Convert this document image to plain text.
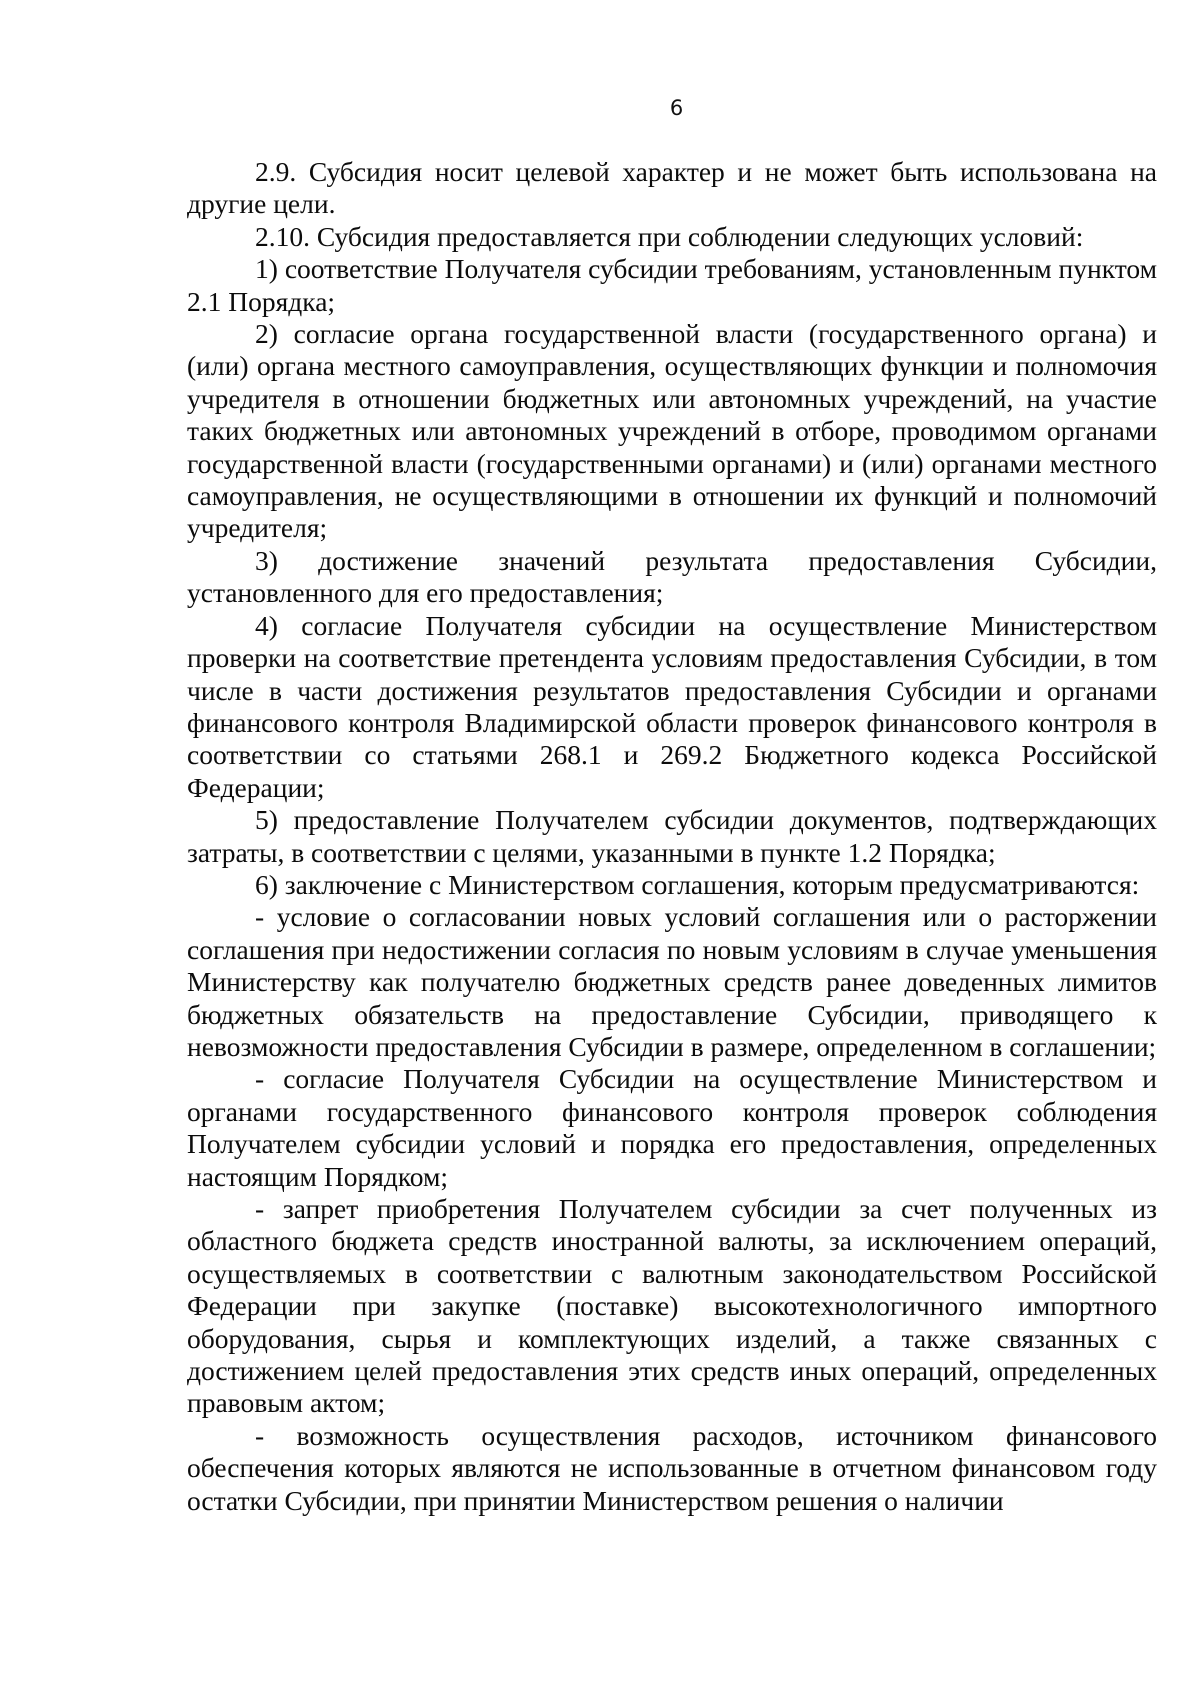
6

2.9. Субсидия носит целевой характер и не может быть использована на другие цели.

2.10. Субсидия предоставляется при соблюдении следующих условий:

1) соответствие Получателя субсидии требованиям, установленным пунктом 2.1 Порядка;

2) согласие органа государственной власти (государственного органа) и (или) органа местного самоуправления, осуществляющих функции и полномочия учредителя в отношении бюджетных или автономных учреждений, на участие таких бюджетных или автономных учреждений в отборе, проводимом органами государственной власти (государственными органами) и (или) органами местного самоуправления, не осуществляющими в отношении их функций и полномочий учредителя;

3) достижение значений результата предоставления Субсидии, установленного для его предоставления;

4) согласие Получателя субсидии на осуществление Министерством проверки на соответствие претендента условиям предоставления Субсидии, в том числе в части достижения результатов предоставления Субсидии и органами финансового контроля Владимирской области проверок финансового контроля в соответствии со статьями 268.1 и 269.2 Бюджетного кодекса Российской Федерации;

5) предоставление Получателем субсидии документов, подтверждающих затраты, в соответствии с целями, указанными в пункте 1.2 Порядка;

6) заключение с Министерством соглашения, которым предусматриваются:

- условие о согласовании новых условий соглашения или о расторжении соглашения при недостижении согласия по новым условиям в случае уменьшения Министерству как получателю бюджетных средств ранее доведенных лимитов бюджетных обязательств на предоставление Субсидии, приводящего к невозможности предоставления Субсидии в размере, определенном в соглашении;

- согласие Получателя Субсидии на осуществление Министерством и органами государственного финансового контроля проверок соблюдения Получателем субсидии условий и порядка его предоставления, определенных настоящим Порядком;

- запрет приобретения Получателем субсидии за счет полученных из областного бюджета средств иностранной валюты, за исключением операций, осуществляемых в соответствии с валютным законодательством Российской Федерации при закупке (поставке) высокотехнологичного импортного оборудования, сырья и комплектующих изделий, а также связанных с достижением целей предоставления этих средств иных операций, определенных правовым актом;

- возможность осуществления расходов, источником финансового обеспечения которых являются не использованные в отчетном финансовом году остатки Субсидии, при принятии Министерством решения о наличии
